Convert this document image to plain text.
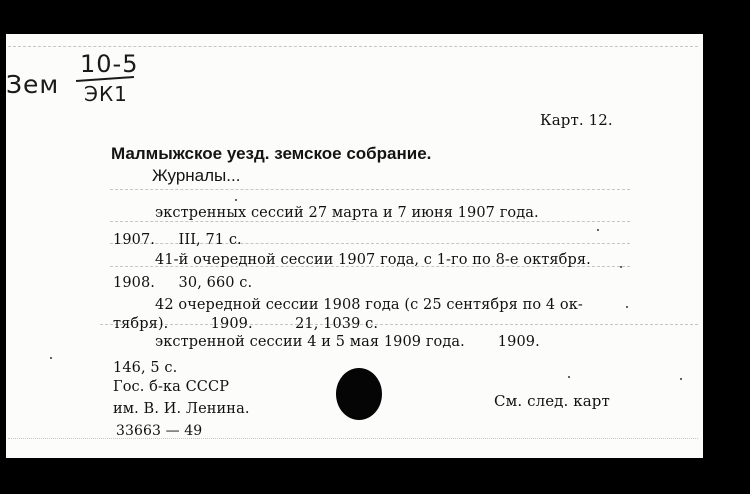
Зем
10-5
ЭК1
Карт. 12.
Малмыжское уезд. земское собрание.
Журналы...
экстренных сессий 27 марта и 7 июня 1907 года.
1907.     III, 71 с.
41-й очередной сессии 1907 года, с 1-го по 8-е октября.
1908.     30, 660 с.
42 очередной сессии 1908 года (с 25 сентября по 4 ок-
тября).         1909.         21, 1039 с.
экстренной сессии 4 и 5 мая 1909 года.       1909.
146, 5 с.
Гос. б-ка СССР
им. В. И. Ленина.
33663 — 49
См. след. карт
